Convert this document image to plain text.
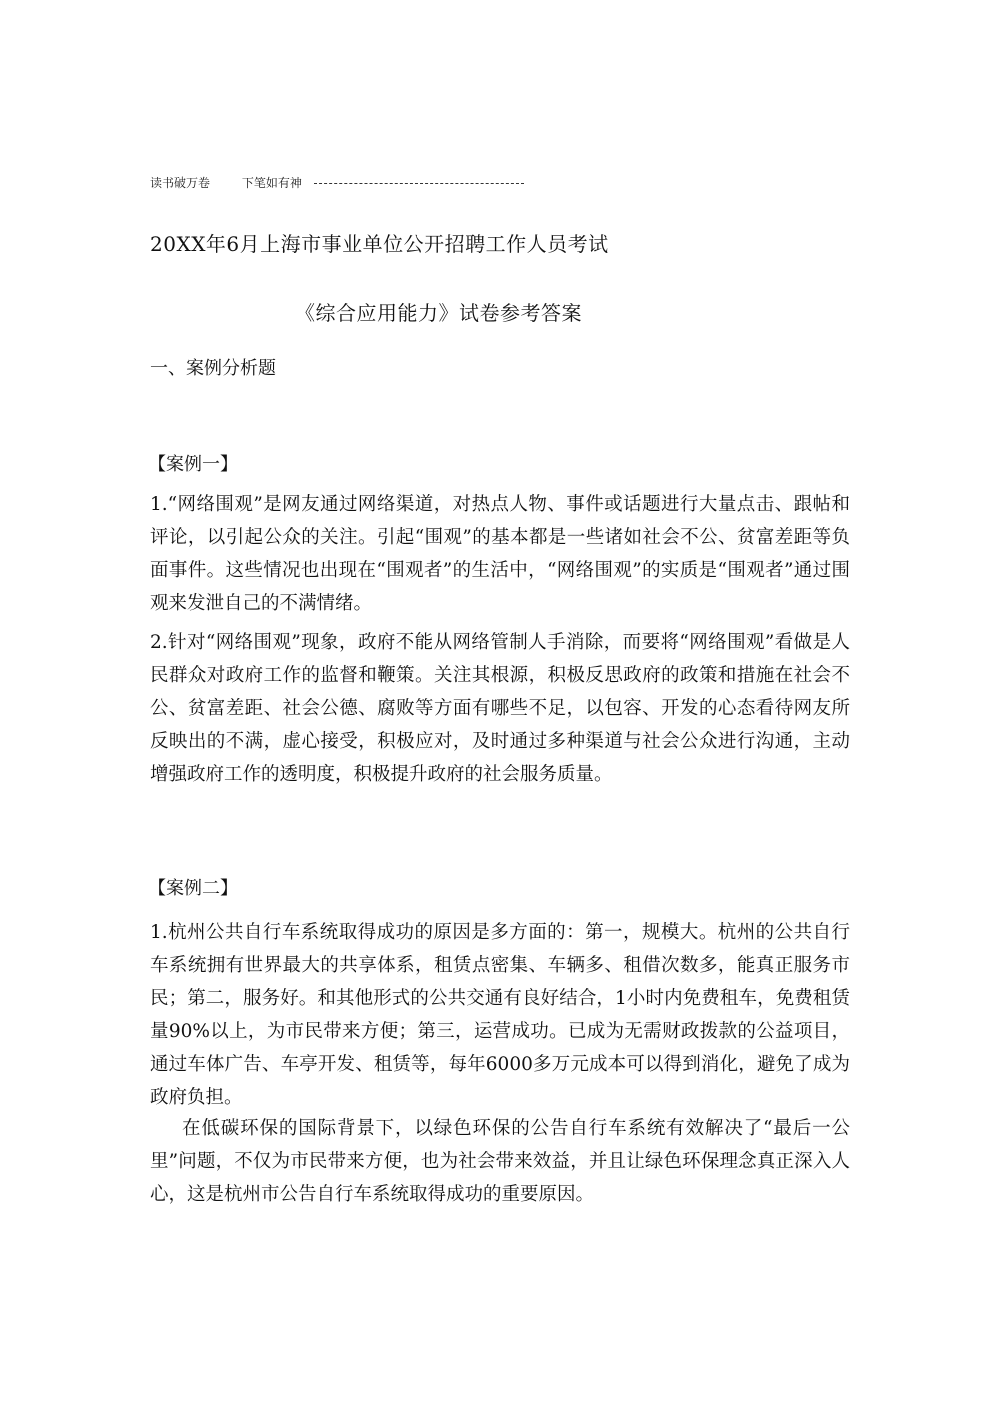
读书破万卷	下笔如有神
20XX年6月上海市事业单位公开招聘工作人员考试
《综合应用能力》试卷参考答案
一、案例分析题
【案例一】
1.“网络围观”是网友通过网络渠道，对热点人物、事件或话题进行大量点击、跟帖和评论，以引起公众的关注。引起“围观”的基本都是一些诸如社会不公、贫富差距等负面事件。这些情况也出现在“围观者”的生活中，“网络围观”的实质是“围观者”通过围观来发泄自己的不满情绪。
2.针对“网络围观”现象，政府不能从网络管制人手消除，而要将“网络围观”看做是人民群众对政府工作的监督和鞭策。关注其根源，积极反思政府的政策和措施在社会不公、贫富差距、社会公德、腐败等方面有哪些不足，以包容、开发的心态看待网友所反映出的不满，虚心接受，积极应对，及时通过多种渠道与社会公众进行沟通，主动增强政府工作的透明度，积极提升政府的社会服务质量。
【案例二】
1.杭州公共自行车系统取得成功的原因是多方面的：第一，规模大。杭州的公共自行车系统拥有世界最大的共享体系，租赁点密集、车辆多、租借次数多，能真正服务市民；第二，服务好。和其他形式的公共交通有良好结合，1小时内免费租车，免费租赁量90%以上，为市民带来方便；第三，运营成功。已成为无需财政拨款的公益项目，通过车体广告、车亭开发、租赁等，每年6000多万元成本可以得到消化，避免了成为政府负担。
在低碳环保的国际背景下，以绿色环保的公告自行车系统有效解决了“最后一公里”问题，不仅为市民带来方便，也为社会带来效益，并且让绿色环保理念真正深入人心，这是杭州市公告自行车系统取得成功的重要原因。
